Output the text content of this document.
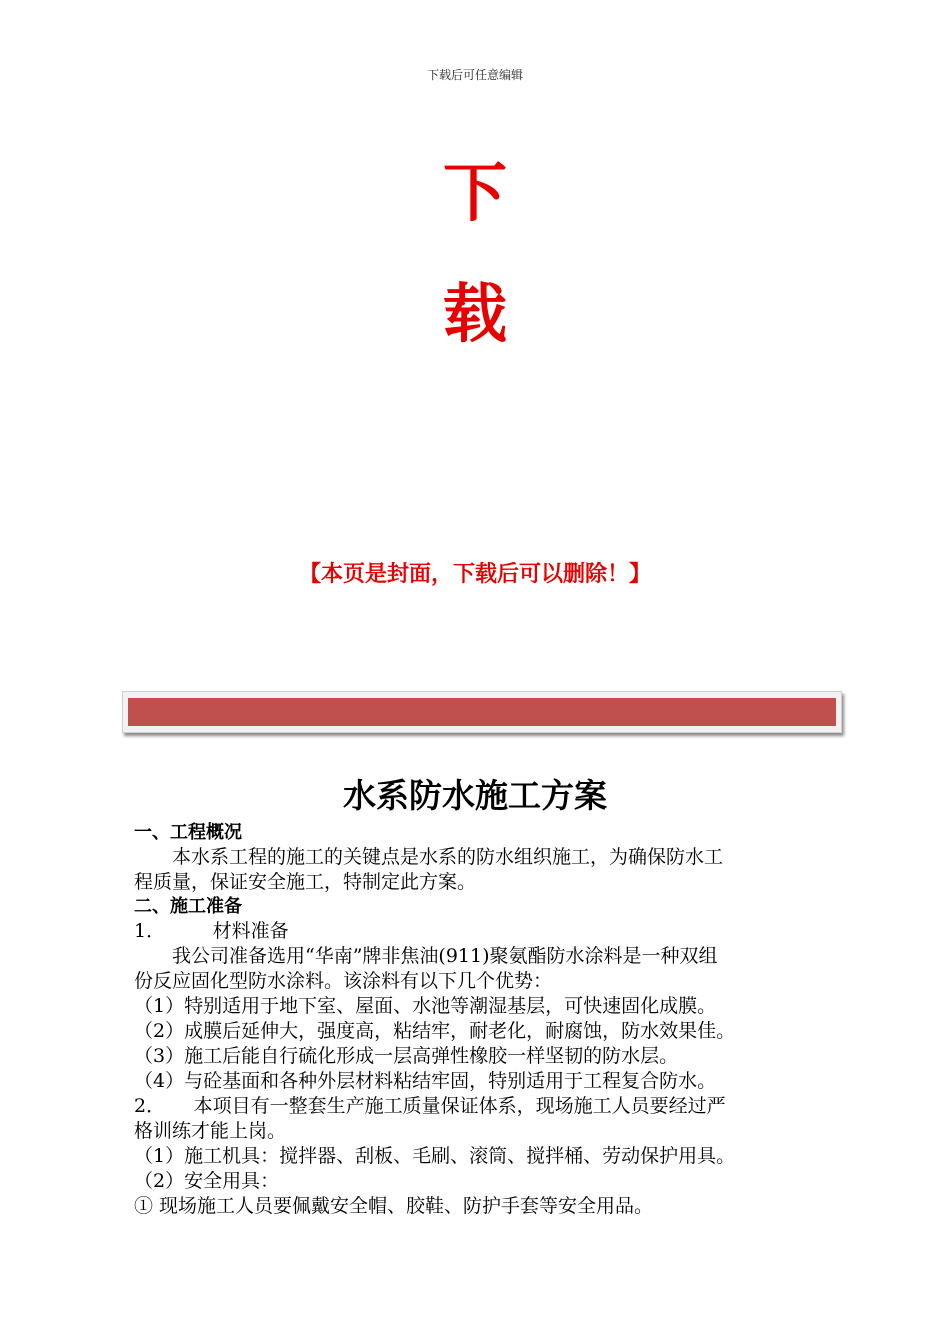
下载后可任意编辑
下
载
【本页是封面，下载后可以删除！】
水系防水施工方案
一、工程概况
　　本水系工程的施工的关键点是水系的防水组织施工，为确保防水工
程质量，保证安全施工，特制定此方案。
二、施工准备
1．　　　材料准备
　　我公司准备选用“华南”牌非焦油(911)聚氨酯防水涂料是一种双组
份反应固化型防水涂料。该涂料有以下几个优势：
（1）特别适用于地下室、屋面、水池等潮湿基层，可快速固化成膜。
（2）成膜后延伸大，强度高，粘结牢，耐老化，耐腐蚀，防水效果佳。
（3）施工后能自行硫化形成一层高弹性橡胶一样坚韧的防水层。
（4）与砼基面和各种外层材料粘结牢固，特别适用于工程复合防水。
2．　　本项目有一整套生产施工质量保证体系，现场施工人员要经过严
格训练才能上岗。
（1）施工机具：搅拌器、刮板、毛刷、滚筒、搅拌桶、劳动保护用具。
（2）安全用具：
① 现场施工人员要佩戴安全帽、胶鞋、防护手套等安全用品。
